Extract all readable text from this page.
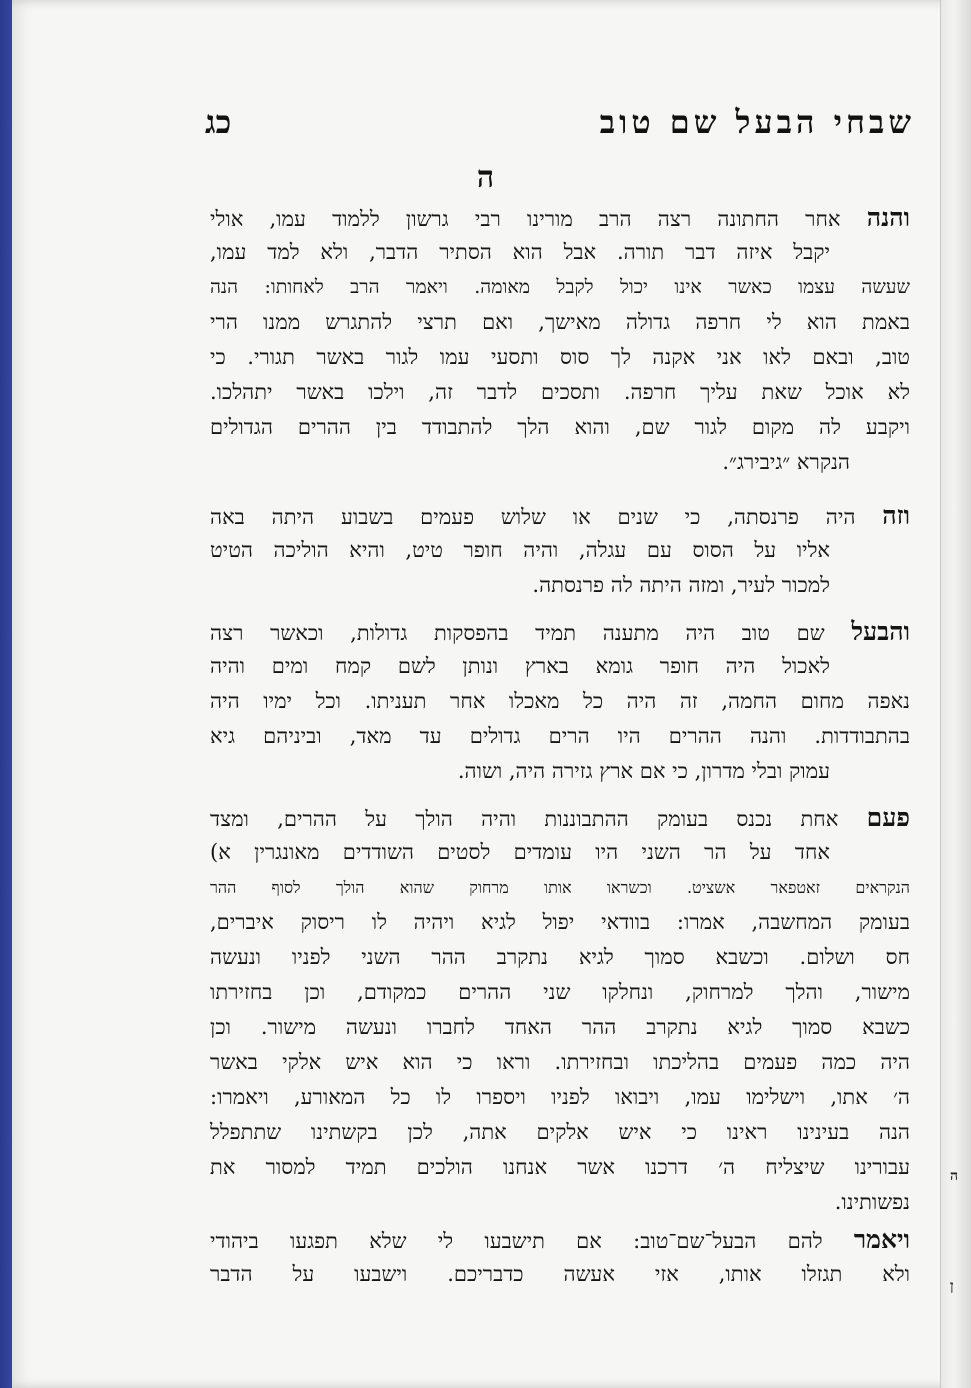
ה
ן
שבחי הבעל שם טוב
כג
ה
והנה אחר החתונה רצה הרב מורינו רבי גרשון ללמוד עמו, אולי
יקבל איזה דבר תורה. אבל הוא הסתיר הדבר, ולא למד עמו,
שעשה עצמו כאשר אינו יכול לקבל מאומה. ויאמר הרב לאחותו: הנה
באמת הוא לי חרפה גדולה מאישך, ואם תרצי להתגרש ממנו הרי
טוב, ובאם לאו אני אקנה לך סוס ותסעי עמו לגור באשר תגורי. כי
לא אוכל שאת עליך חרפה. ותסכים לדבר זה, וילכו באשר יתהלכו.
ויקבע לה מקום לגור שם, והוא הלך להתבודד בין ההרים הגדולים
הנקרא ״גיבירג״.
וזה היה פרנסתה, כי שנים או שלוש פעמים בשבוע היתה באה
אליו על הסוס עם עגלה, והיה חופר טיט, והיא הוליכה הטיט
למכור לעיר, ומזה היתה לה פרנסתה.
והבעל שם טוב היה מתענה תמיד בהפסקות גדולות, וכאשר רצה
לאכול היה חופר גומא בארץ ונותן לשם קמח ומים והיה
נאפה מחום החמה, זה היה כל מאכלו אחר תעניתו. וכל ימיו היה
בהתבודדות. והנה ההרים היו הרים גדולים עד מאד, וביניהם גיא
עמוק ובלי מדרון, כי אם ארץ גזירה היה, ושוה.
פעם אחת נכנס בעומק ההתבוננות והיה הולך על ההרים, ומצד
אחד על הר השני היו עומדים לסטים השודדים מאונגרין א)
הנקראים זאטפאר אשציט. וכשראו אותו מרחוק שהוא הולך לסוף ההר
בעומק המחשבה, אמרו: בוודאי יפול לגיא ויהיה לו ריסוק איברים,
חס ושלום. וכשבא סמוך לגיא נתקרב ההר השני לפניו ונעשה
מישור, והלך למרחוק, ונחלקו שני ההרים כמקודם, וכן בחזירתו
כשבא סמוך לגיא נתקרב ההר האחד לחברו ונעשה מישור. וכן
היה כמה פעמים בהליכתו ובחזירתו. וראו כי הוא איש אלקי באשר
ה׳ אתו, וישלימו עמו, ויבואו לפניו ויספרו לו כל המאורע, ויאמרו:
הנה בעינינו ראינו כי איש אלקים אתה, לכן בקשתינו שתתפלל
עבורינו שיצליח ה׳ דרכנו אשר אנחנו הולכים תמיד למסור את
נפשותינו.
ויאמר להם הבעל־שם־טוב: אם תישבעו לי שלא תפגעו ביהודי
ולא תגזלו אותו, אזי אעשה כדבריכם. וישבעו על הדבר
